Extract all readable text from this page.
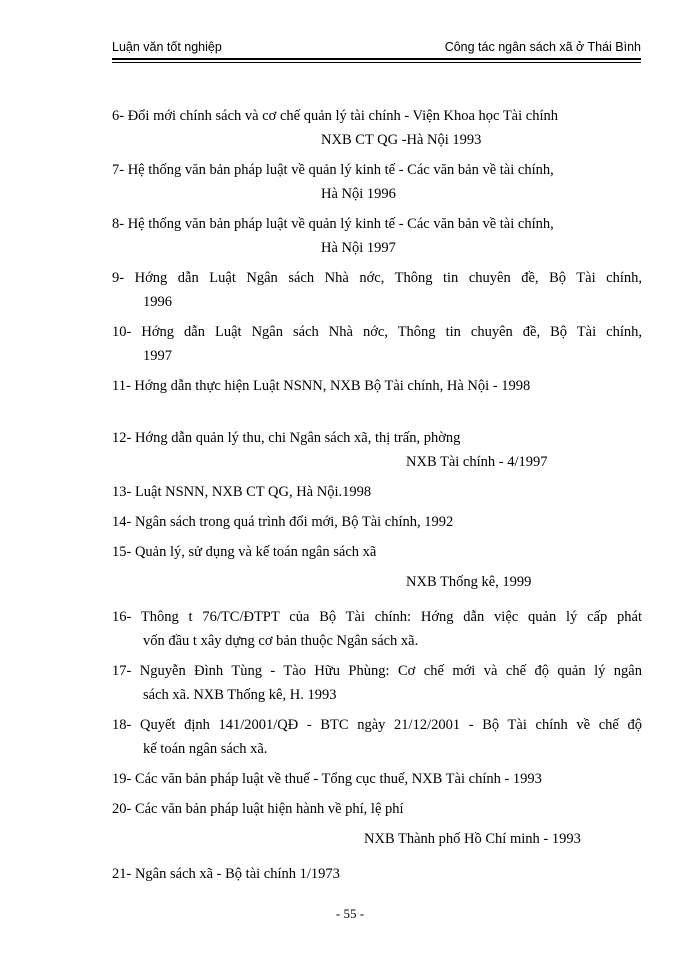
Luận văn tốt nghiệp	Công tác ngân sách xã ở Thái Bình
6- Đổi mới chính sách và cơ chế quản lý tài chính - Viện Khoa học Tài chính
NXB CT QG -Hà Nội 1993
7- Hệ thống văn bản pháp luật về quản lý kinh tế - Các văn bản về tài chính,
Hà Nội 1996
8- Hệ thống văn bản pháp luật về quản lý kinh tế - Các văn bản về tài chính,
Hà Nội 1997
9- Hớng dẫn Luật Ngân sách Nhà nớc, Thông tin chuyên đề, Bộ Tài chính,
1996
10- Hớng dẫn Luật Ngân sách Nhà nớc, Thông tin chuyên đề, Bộ Tài chính,
1997
11- Hớng dẫn thực hiện Luật NSNN, NXB Bộ Tài chính, Hà Nội - 1998
12- Hớng dẫn quản lý thu, chi Ngân sách xã, thị trấn, phờng
NXB Tài chính - 4/1997
13- Luật NSNN, NXB CT QG, Hà Nội.1998
14- Ngân sách trong quá trình đổi mới, Bộ Tài chính, 1992
15- Quản lý, sử dụng và kế toán ngân sách xã
NXB Thống kê, 1999
16- Thông t 76/TC/ĐTPT của Bộ Tài chính: Hớng dẫn việc quản lý cấp phát
vốn đầu t xây dựng cơ bản thuộc Ngân sách xã.
17- Nguyễn Đình Tùng - Tào Hữu Phùng: Cơ chế mới và chế độ quản lý ngân
sách xã. NXB Thống kê, H. 1993
18- Quyết định 141/2001/QĐ - BTC ngày 21/12/2001 - Bộ Tài chính về chế độ
kế toán ngân sách xã.
19- Các văn bản pháp luật về thuế - Tổng cục thuế, NXB Tài chính - 1993
20- Các văn bản pháp luật hiện hành về phí, lệ phí
NXB Thành phố Hồ Chí minh - 1993
21- Ngân sách xã - Bộ tài chính 1/1973
- 55 -
